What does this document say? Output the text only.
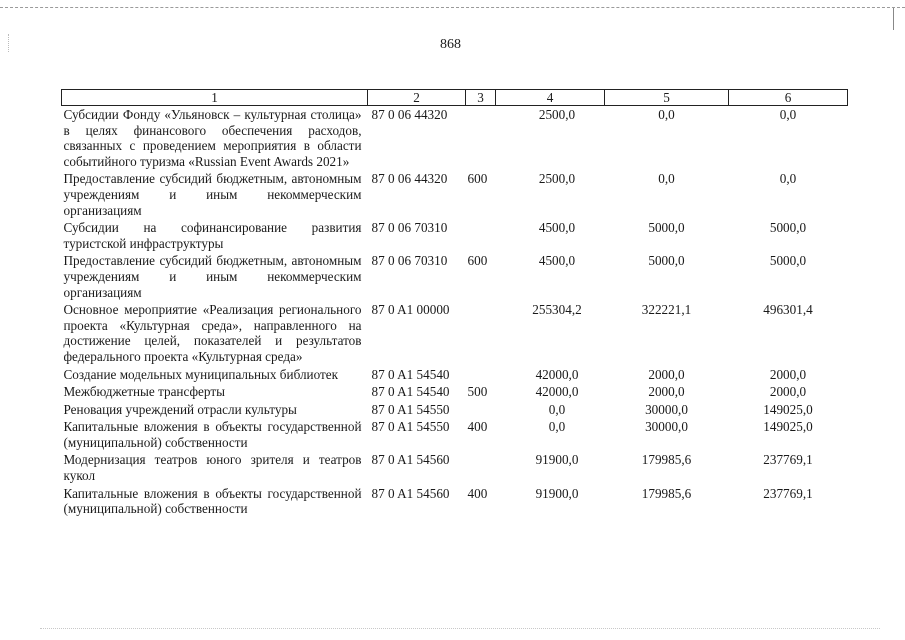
868
1	2	3	4	5	6
Субсидии Фонду «Ульяновск – культурная столица» в целях финансового обеспечения расходов, связанных с проведением мероприятия в области событийного туризма «Russian Event Awards 2021»	87 0 06 44320		2500,0	0,0	0,0
Предоставление субсидий бюджетным, автономным учреждениям и иным некоммерческим организациям	87 0 06 44320	600	2500,0	0,0	0,0
Субсидии на софинансирование развития туристской инфраструктуры	87 0 06 70310		4500,0	5000,0	5000,0
Предоставление субсидий бюджетным, автономным учреждениям и иным некоммерческим организациям	87 0 06 70310	600	4500,0	5000,0	5000,0
Основное мероприятие «Реализация регионального проекта «Культурная среда», направленного на достижение целей, показателей и результатов федерального проекта «Культурная среда»	87 0 A1 00000		255304,2	322221,1	496301,4
Создание модельных муниципальных библиотек	87 0 A1 54540		42000,0	2000,0	2000,0
Межбюджетные трансферты	87 0 A1 54540	500	42000,0	2000,0	2000,0
Реновация учреждений отрасли культуры	87 0 A1 54550		0,0	30000,0	149025,0
Капитальные вложения в объекты государственной (муниципальной) собственности	87 0 A1 54550	400	0,0	30000,0	149025,0
Модернизация театров юного зрителя и театров кукол	87 0 A1 54560		91900,0	179985,6	237769,1
Капитальные вложения в объекты государственной (муниципальной) собственности	87 0 A1 54560	400	91900,0	179985,6	237769,1
